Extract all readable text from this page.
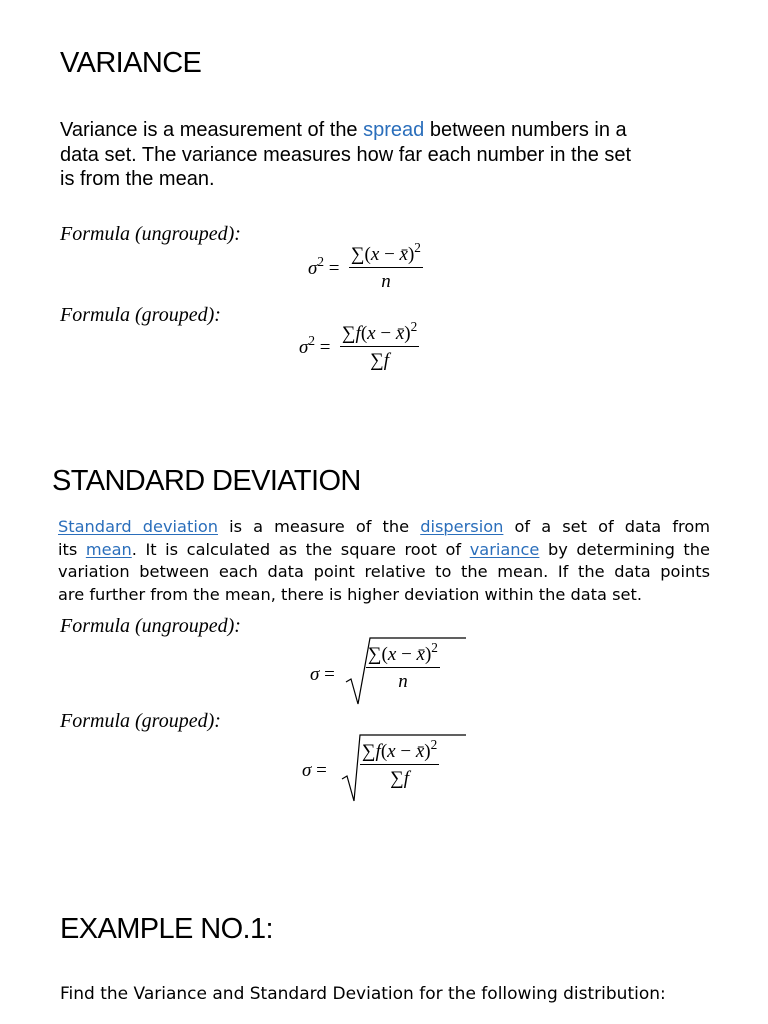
VARIANCE
Variance is a measurement of the spread between numbers in a
data set. The variance measures how far each number in the set
is from the mean.
Formula (ungrouped):
$\sigma^2 = \frac{\sum(x - x̄)^2}{n}$
Formula (grouped):
$\sigma^2 = \frac{\sum f(x - x̄)^2}{\sum f}$
STANDARD DEVIATION
Standard deviation is a measure of the dispersion of a set of data from
its mean. It is calculated as the square root of variance by determining the
variation between each data point relative to the mean. If the data points
are further from the mean, there is higher deviation within the data set.
Formula (ungrouped):
$\sigma = \frac{\sum(x - x̄)^2}{n}$
Formula (grouped):
$\sigma = \frac{\sum f(x - x̄)^2}{\sum f}$
EXAMPLE NO.1:
Find the Variance and Standard Deviation for the following distribution:
